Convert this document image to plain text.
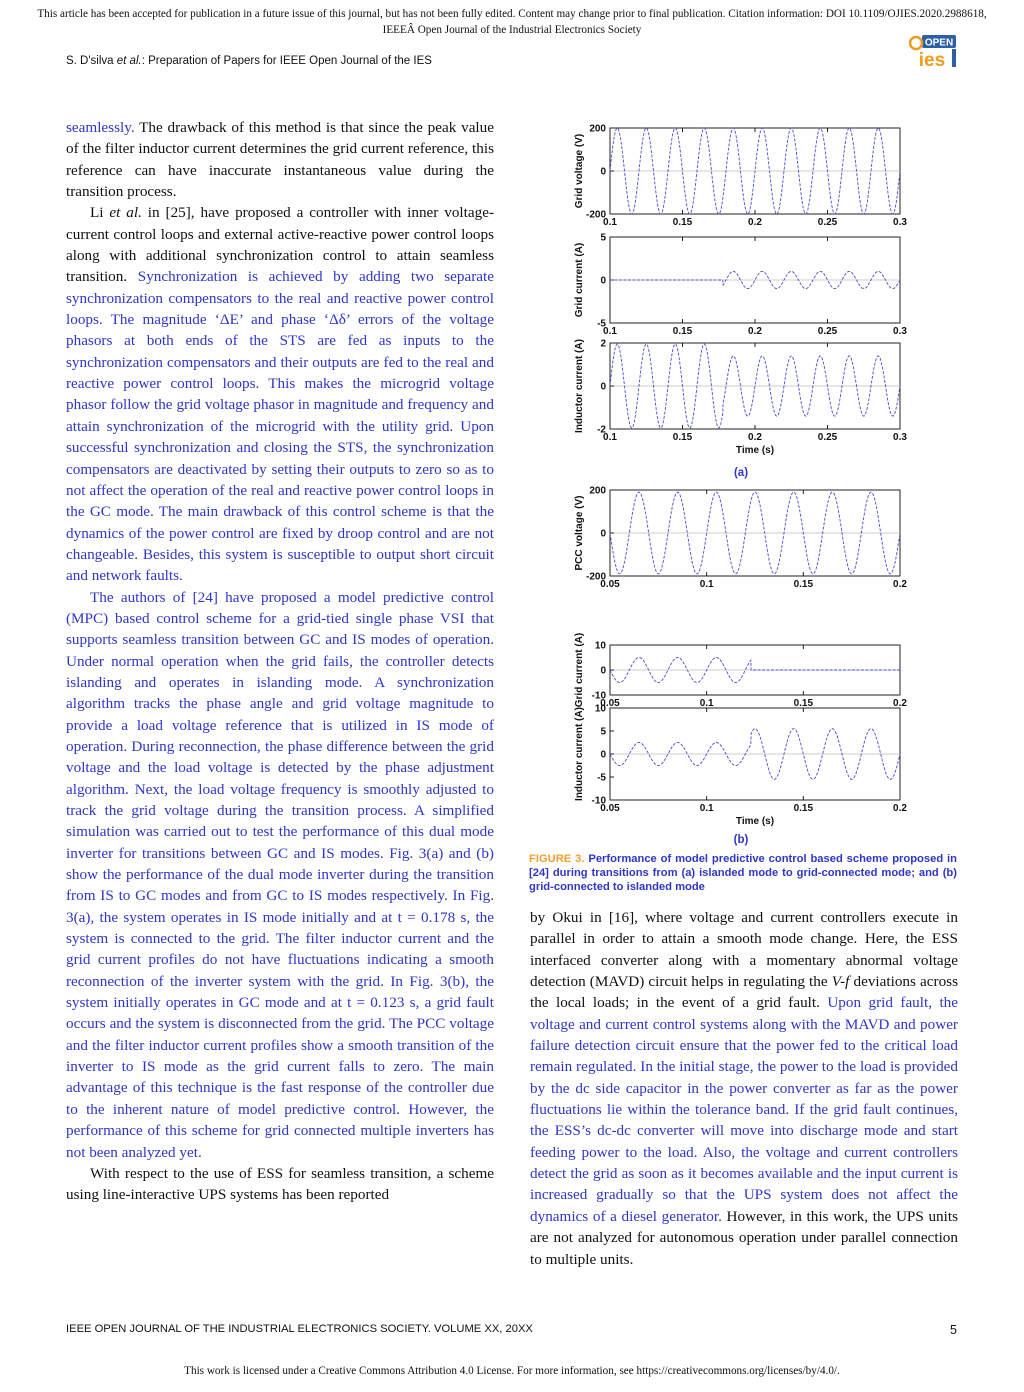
This article has been accepted for publication in a future issue of this journal, but has not been fully edited. Content may change prior to final publication. Citation information: DOI 10.1109/OJIES.2020.2988618,
IEEEÂ Open Journal of the Industrial Electronics Society
S. D'silva et al.: Preparation of Papers for IEEE Open Journal of the IES
OPEN
ies

seamlessly. The drawback of this method is that since the peak value of the filter inductor current determines the grid current reference, this reference can have inaccurate instantaneous value during the transition process.

Li et al. in [25], have proposed a controller with inner voltage-current control loops and external active-reactive power control loops along with additional synchronization control to attain seamless transition. Synchronization is achieved by adding two separate synchronization compensators to the real and reactive power control loops. The magnitude ‘ΔE’ and phase ‘Δδ’ errors of the voltage phasors at both ends of the STS are fed as inputs to the synchronization compensators and their outputs are fed to the real and reactive power control loops. This makes the microgrid voltage phasor follow the grid voltage phasor in magnitude and frequency and attain synchronization of the microgrid with the utility grid. Upon successful synchronization and closing the STS, the synchronization compensators are deactivated by setting their outputs to zero so as to not affect the operation of the real and reactive power control loops in the GC mode. The main drawback of this control scheme is that the dynamics of the power control are fixed by droop control and are not changeable. Besides, this system is susceptible to output short circuit and network faults.

The authors of [24] have proposed a model predictive control (MPC) based control scheme for a grid-tied single phase VSI that supports seamless transition between GC and IS modes of operation. Under normal operation when the grid fails, the controller detects islanding and operates in islanding mode. A synchronization algorithm tracks the phase angle and grid voltage magnitude to provide a load voltage reference that is utilized in IS mode of operation. During reconnection, the phase difference between the grid voltage and the load voltage is detected by the phase adjustment algorithm. Next, the load voltage frequency is smoothly adjusted to track the grid voltage during the transition process. A simplified simulation was carried out to test the performance of this dual mode inverter for transitions between GC and IS modes. Fig. 3(a) and (b) show the performance of the dual mode inverter during the transition from IS to GC modes and from GC to IS modes respectively. In Fig. 3(a), the system operates in IS mode initially and at t = 0.178 s, the system is connected to the grid. The filter inductor current and the grid current profiles do not have fluctuations indicating a smooth reconnection of the inverter system with the grid. In Fig. 3(b), the system initially operates in GC mode and at t = 0.123 s, a grid fault occurs and the system is disconnected from the grid. The PCC voltage and the filter inductor current profiles show a smooth transition of the inverter to IS mode as the grid current falls to zero. The main advantage of this technique is the fast response of the controller due to the inherent nature of model predictive control. However, the performance of this scheme for grid connected multiple inverters has not been analyzed yet.

With respect to the use of ESS for seamless transition, a scheme using line-interactive UPS systems has been reported

0.1	0.15	0.2	0.25	0.3
200
0
-200
Grid voltage (V)
0.1	0.15	0.2	0.25	0.3
5
0
-5
Grid current (A)
0.1	0.15	0.2	0.25	0.3
2
0
-2
Inductor current (A)
Time (s)
0.05	0.1	0.15	0.2
200
0
-200
PCC voltage (V)
0.05	0.1	0.15	0.2
10
0
-10
Grid current (A)
0.05	0.1	0.15	0.2
10
5
0
-5
-10
Inductor current (A)
Time (s)
(a)
(b)
FIGURE 3. Performance of model predictive control based scheme proposed in [24] during transitions from (a) islanded mode to grid-connected mode; and (b) grid-connected to islanded mode

by Okui in [16], where voltage and current controllers execute in parallel in order to attain a smooth mode change. Here, the ESS interfaced converter along with a momentary abnormal voltage detection (MAVD) circuit helps in regulating the V-f deviations across the local loads; in the event of a grid fault. Upon grid fault, the voltage and current control systems along with the MAVD and power failure detection circuit ensure that the power fed to the critical load remain regulated. In the initial stage, the power to the load is provided by the dc side capacitor in the power converter as far as the power fluctuations lie within the tolerance band. If the grid fault continues, the ESS’s dc-dc converter will move into discharge mode and start feeding power to the load. Also, the voltage and current controllers detect the grid as soon as it becomes available and the input current is increased gradually so that the UPS system does not affect the dynamics of a diesel generator. However, in this work, the UPS units are not analyzed for autonomous operation under parallel connection to multiple units.

IEEE OPEN JOURNAL OF THE INDUSTRIAL ELECTRONICS SOCIETY. VOLUME XX, 20XX	5
This work is licensed under a Creative Commons Attribution 4.0 License. For more information, see https://creativecommons.org/licenses/by/4.0/.
